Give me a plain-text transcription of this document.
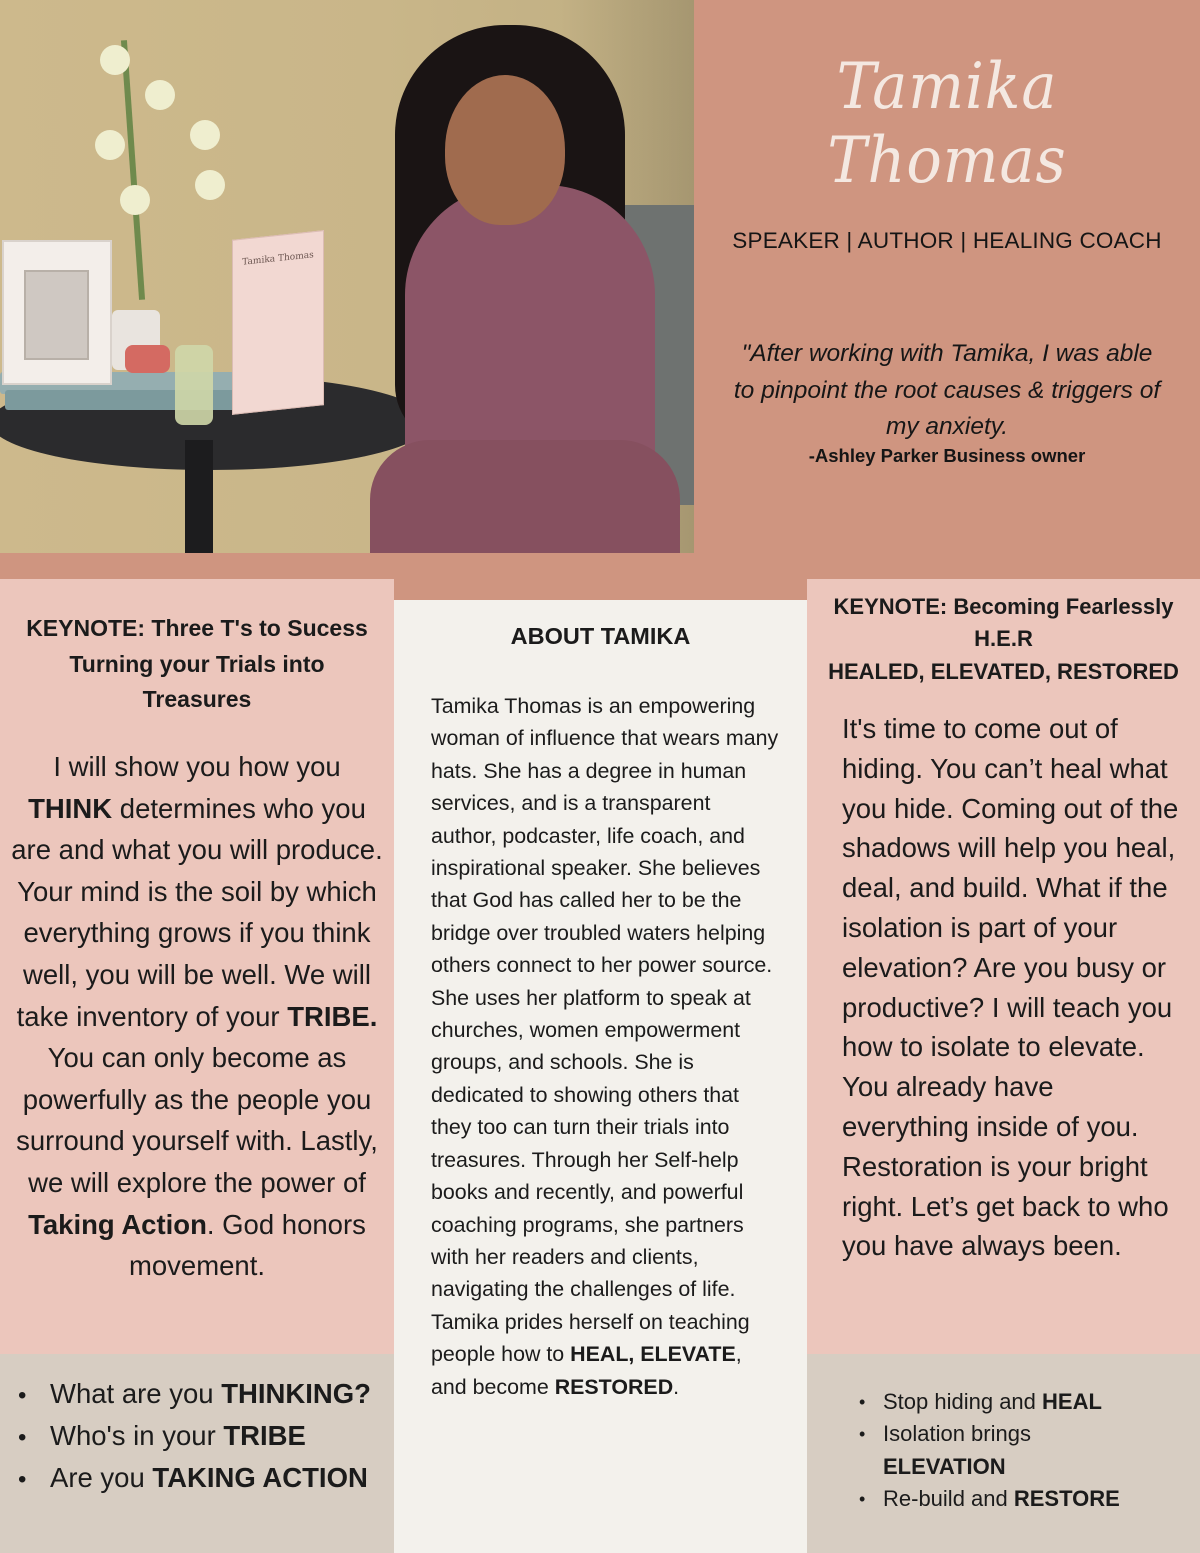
Tamika Thomas
Tamika Thomas
SPEAKER | AUTHOR | HEALING COACH
"After working with Tamika, I was able
to pinpoint the root causes & triggers of
my anxiety.
-Ashley Parker Business owner
KEYNOTE: Three T's to Sucess
Turning your Trials into
Treasures
I will show you how you THINK determines who you are and what you will produce. Your mind is the soil by which everything grows if you think well, you will be well. We will take inventory of your TRIBE. You can only become as powerfully as the people you surround yourself with. Lastly, we will explore the power of Taking Action. God honors movement.
• What are you THINKING?
• Who's in your TRIBE
• Are you TAKING ACTION
ABOUT TAMIKA
Tamika Thomas is an empowering woman of influence that wears many hats. She has a degree in human services, and is a transparent author, podcaster, life coach, and inspirational speaker. She believes that God has called her to be the bridge over troubled waters helping others connect to her power source. She uses her platform to speak at churches, women empowerment groups, and schools. She is dedicated to showing others that they too can turn their trials into treasures. Through her Self-help books and recently, and powerful coaching programs, she partners with her readers and clients, navigating the challenges of life. Tamika prides herself on teaching people how to HEAL, ELEVATE, and become RESTORED.
KEYNOTE: Becoming Fearlessly
H.E.R
HEALED, ELEVATED, RESTORED
It's time to come out of hiding. You can’t heal what you hide. Coming out of the shadows will help you heal, deal, and build. What if the isolation is part of your elevation? Are you busy or productive? I will teach you how to isolate to elevate. You already have everything inside of you. Restoration is your bright right. Let’s get back to who you have always been.
• Stop hiding and HEAL
• Isolation brings
ELEVATION
• Re-build and RESTORE
